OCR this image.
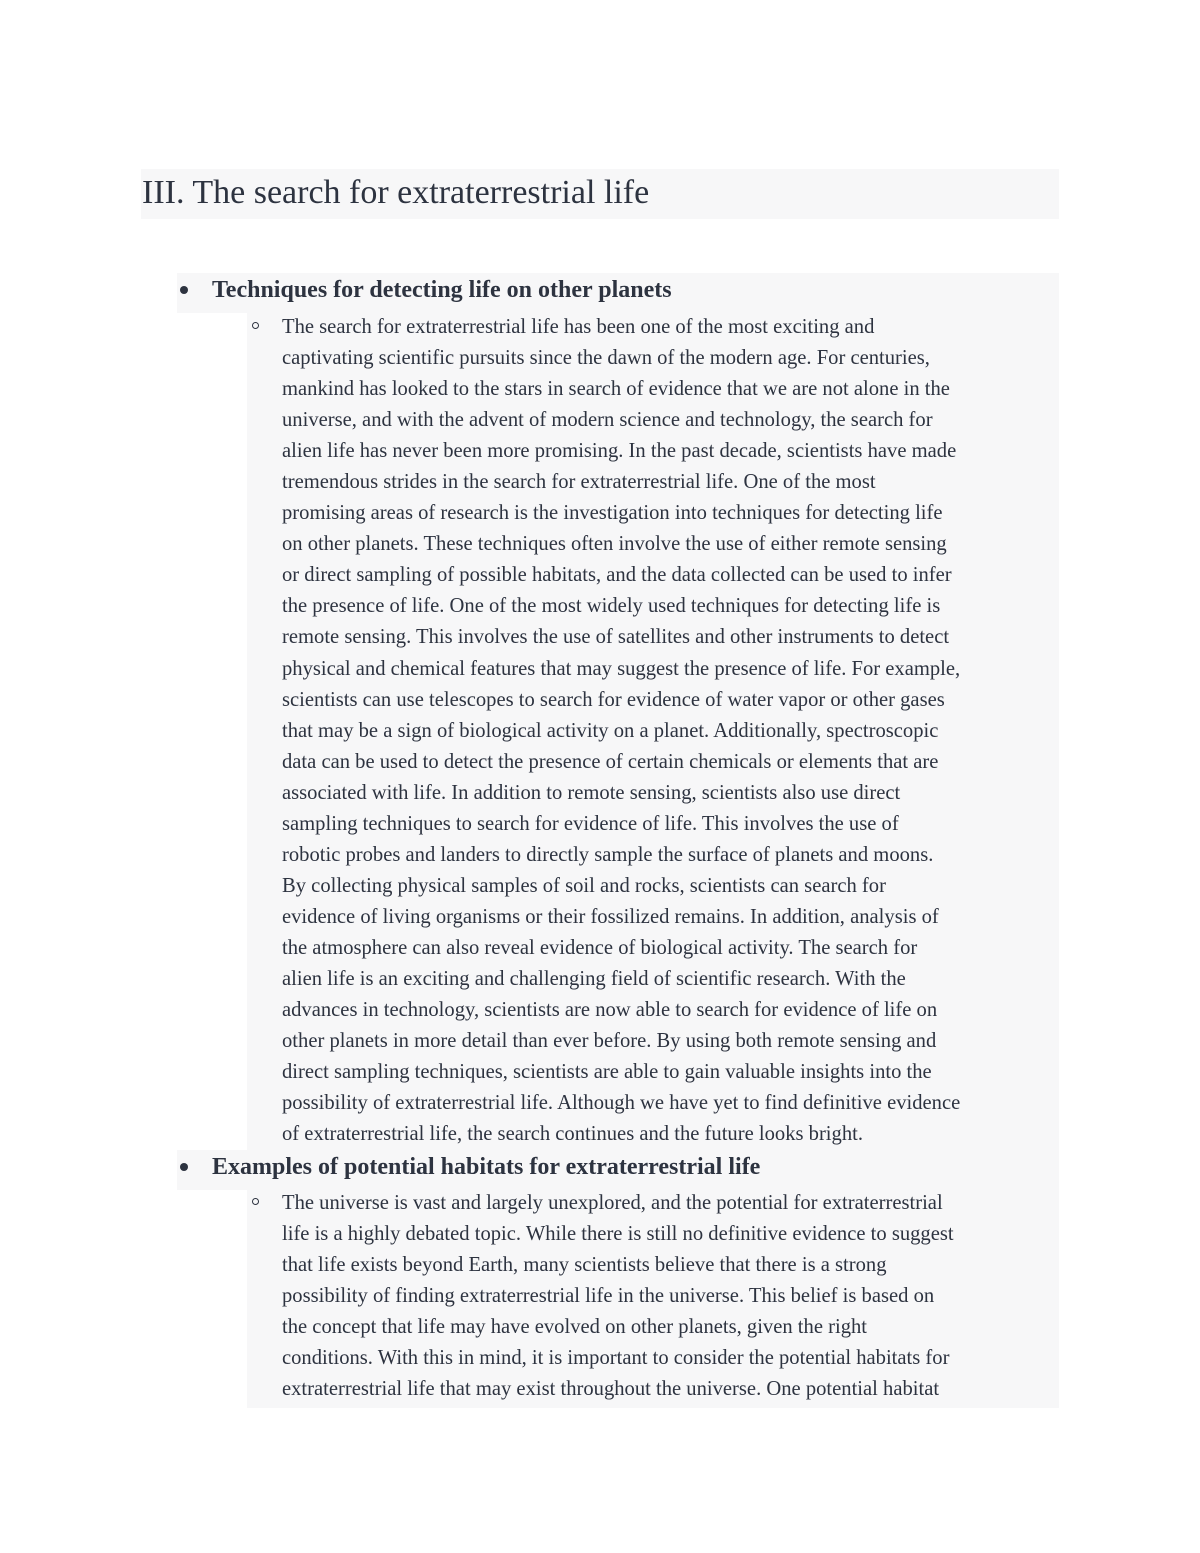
III. The search for extraterrestrial life
Techniques for detecting life on other planets

The search for extraterrestrial life has been one of the most exciting and
captivating scientific pursuits since the dawn of the modern age. For centuries,
mankind has looked to the stars in search of evidence that we are not alone in the
universe, and with the advent of modern science and technology, the search for
alien life has never been more promising. In the past decade, scientists have made
tremendous strides in the search for extraterrestrial life. One of the most
promising areas of research is the investigation into techniques for detecting life
on other planets. These techniques often involve the use of either remote sensing
or direct sampling of possible habitats, and the data collected can be used to infer
the presence of life. One of the most widely used techniques for detecting life is
remote sensing. This involves the use of satellites and other instruments to detect
physical and chemical features that may suggest the presence of life. For example,
scientists can use telescopes to search for evidence of water vapor or other gases
that may be a sign of biological activity on a planet. Additionally, spectroscopic
data can be used to detect the presence of certain chemicals or elements that are
associated with life. In addition to remote sensing, scientists also use direct
sampling techniques to search for evidence of life. This involves the use of
robotic probes and landers to directly sample the surface of planets and moons.
By collecting physical samples of soil and rocks, scientists can search for
evidence of living organisms or their fossilized remains. In addition, analysis of
the atmosphere can also reveal evidence of biological activity. The search for
alien life is an exciting and challenging field of scientific research. With the
advances in technology, scientists are now able to search for evidence of life on
other planets in more detail than ever before. By using both remote sensing and
direct sampling techniques, scientists are able to gain valuable insights into the
possibility of extraterrestrial life. Although we have yet to find definitive evidence
of extraterrestrial life, the search continues and the future looks bright.

Examples of potential habitats for extraterrestrial life

The universe is vast and largely unexplored, and the potential for extraterrestrial
life is a highly debated topic. While there is still no definitive evidence to suggest
that life exists beyond Earth, many scientists believe that there is a strong
possibility of finding extraterrestrial life in the universe. This belief is based on
the concept that life may have evolved on other planets, given the right
conditions. With this in mind, it is important to consider the potential habitats for
extraterrestrial life that may exist throughout the universe. One potential habitat
